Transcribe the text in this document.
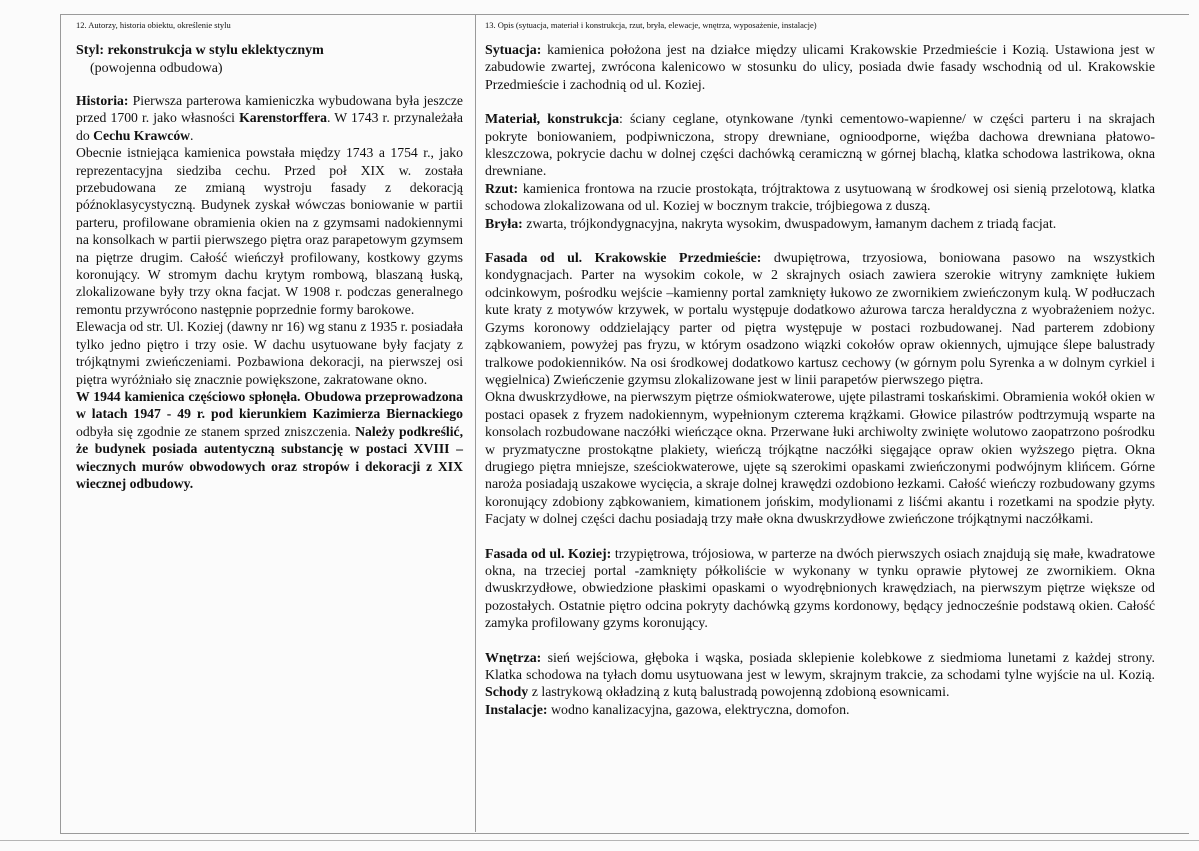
12. Autorzy, historia obiektu, określenie stylu
Styl: rekonstrukcja w stylu eklektycznym
(powojenna odbudowa)

Historia: Pierwsza parterowa kamieniczka wybudowana była jeszcze przed 1700 r. jako własności Karenstorffera. W 1743 r. przynależała do Cechu Krawców.

Obecnie istniejąca kamienica powstała między 1743 a 1754 r., jako reprezentacyjna siedziba cechu. Przed poł XIX w. została przebudowana ze zmianą wystroju fasady z dekoracją późnoklasycystyczną. Budynek zyskał wówczas boniowanie w partii parteru, profilowane obramienia okien na z gzymsami nadokiennymi na konsolkach w partii pierwszego piętra oraz parapetowym gzymsem na piętrze drugim. Całość wieńczył profilowany, kostkowy gzyms koronujący. W stromym dachu krytym rombową, blaszaną łuską, zlokalizowane były trzy okna facjat. W 1908 r. podczas generalnego remontu przywrócono następnie poprzednie formy barokowe.

Elewacja od str. Ul. Koziej (dawny nr 16) wg stanu z 1935 r. posiadała tylko jedno piętro i trzy osie. W dachu usytuowane były facjaty z trójkątnymi zwieńczeniami. Pozbawiona dekoracji, na pierwszej osi piętra wyróżniało się znacznie powiększone, zakratowane okno.

W 1944 kamienica częściowo spłonęła. Obudowa przeprowadzona w latach 1947 - 49 r. pod kierunkiem Kazimierza Biernackiego odbyła się zgodnie ze stanem sprzed zniszczenia. Należy podkreślić, że budynek posiada autentyczną substancję w postaci XVIII – wiecznych murów obwodowych oraz stropów i dekoracji z XIX wiecznej odbudowy.

13. Opis (sytuacja, materiał i konstrukcja, rzut, bryła, elewacje, wnętrza, wyposażenie, instalacje)

Sytuacja: kamienica położona jest na działce między ulicami Krakowskie Przedmieście i Kozią. Ustawiona jest w zabudowie zwartej, zwrócona kalenicowo w stosunku do ulicy, posiada dwie fasady wschodnią od ul. Krakowskie Przedmieście i zachodnią od ul. Koziej.

Materiał, konstrukcja: ściany ceglane, otynkowane /tynki cementowo-wapienne/ w części parteru i na skrajach pokryte boniowaniem, podpiwniczona, stropy drewniane, ognioodporne, więźba dachowa drewniana płatowo-kleszczowa, pokrycie dachu w dolnej części dachówką ceramiczną w górnej blachą, klatka schodowa lastrikowa, okna drewniane.

Rzut: kamienica frontowa na rzucie prostokąta, trójtraktowa z usytuowaną w środkowej osi sienią przelotową, klatka schodowa zlokalizowana od ul. Koziej w bocznym trakcie, trójbiegowa z duszą.

Bryła: zwarta, trójkondygnacyjna, nakryta wysokim, dwuspadowym, łamanym dachem z triadą facjat.

Fasada od ul. Krakowskie Przedmieście: dwupiętrowa, trzyosiowa, boniowana pasowo na wszystkich kondygnacjach. Parter na wysokim cokole, w 2 skrajnych osiach zawiera szerokie witryny zamknięte łukiem odcinkowym, pośrodku wejście –kamienny portal zamknięty łukowo ze zwornikiem zwieńczonym kulą. W podłuczach kute kraty z motywów krzywek, w portalu występuje dodatkowo ażurowa tarcza heraldyczna z wyobrażeniem nożyc. Gzyms koronowy oddzielający parter od piętra występuje w postaci rozbudowanej. Nad parterem zdobiony ząbkowaniem, powyżej pas fryzu, w którym osadzono wiązki cokołów opraw okiennych, ujmujące ślepe balustrady tralkowe podokienników. Na osi środkowej dodatkowo kartusz cechowy (w górnym polu Syrenka a w dolnym cyrkiel i węgielnica) Zwieńczenie gzymsu zlokalizowane jest w linii parapetów pierwszego piętra.

Okna dwuskrzydłowe, na pierwszym piętrze ośmiokwaterowe, ujęte pilastrami toskańskimi. Obramienia wokół okien w postaci opasek z fryzem nadokiennym, wypełnionym czterema krążkami. Głowice pilastrów podtrzymują wsparte na konsolach rozbudowane naczółki wieńczące okna. Przerwane łuki archiwolty zwinięte wolutowo zaopatrzono pośrodku w pryzmatyczne prostokątne plakiety, wieńczą trójkątne naczółki sięgające opraw okien wyższego piętra. Okna drugiego piętra mniejsze, sześciokwaterowe, ujęte są szerokimi opaskami zwieńczonymi podwójnym klińcem. Górne naroża posiadają uszakowe wycięcia, a skraje dolnej krawędzi ozdobiono łezkami. Całość wieńczy rozbudowany gzyms koronujący zdobiony ząbkowaniem, kimationem jońskim, modylionami z liśćmi akantu i rozetkami na spodzie płyty. Facjaty w dolnej części dachu posiadają trzy małe okna dwuskrzydłowe zwieńczone trójkątnymi naczółkami.

Fasada od ul. Koziej: trzypiętrowa, trójosiowa, w parterze na dwóch pierwszych osiach znajdują się małe, kwadratowe okna, na trzeciej portal -zamknięty półkoliście w wykonany w tynku oprawie płytowej ze zwornikiem. Okna dwuskrzydłowe, obwiedzione płaskimi opaskami o wyodrębnionych krawędziach, na pierwszym piętrze większe od pozostałych. Ostatnie piętro odcina pokryty dachówką gzyms kordonowy, będący jednocześnie podstawą okien. Całość zamyka profilowany gzyms koronujący.

Wnętrza: sień wejściowa, głęboka i wąska, posiada sklepienie kolebkowe z siedmioma lunetami z każdej strony. Klatka schodowa na tyłach domu usytuowana jest w lewym, skrajnym trakcie, za schodami tylne wyjście na ul. Kozią. Schody z lastrykową okładziną z kutą balustradą powojenną zdobioną esownicami.

Instalacje: wodno kanalizacyjna, gazowa, elektryczna, domofon.
